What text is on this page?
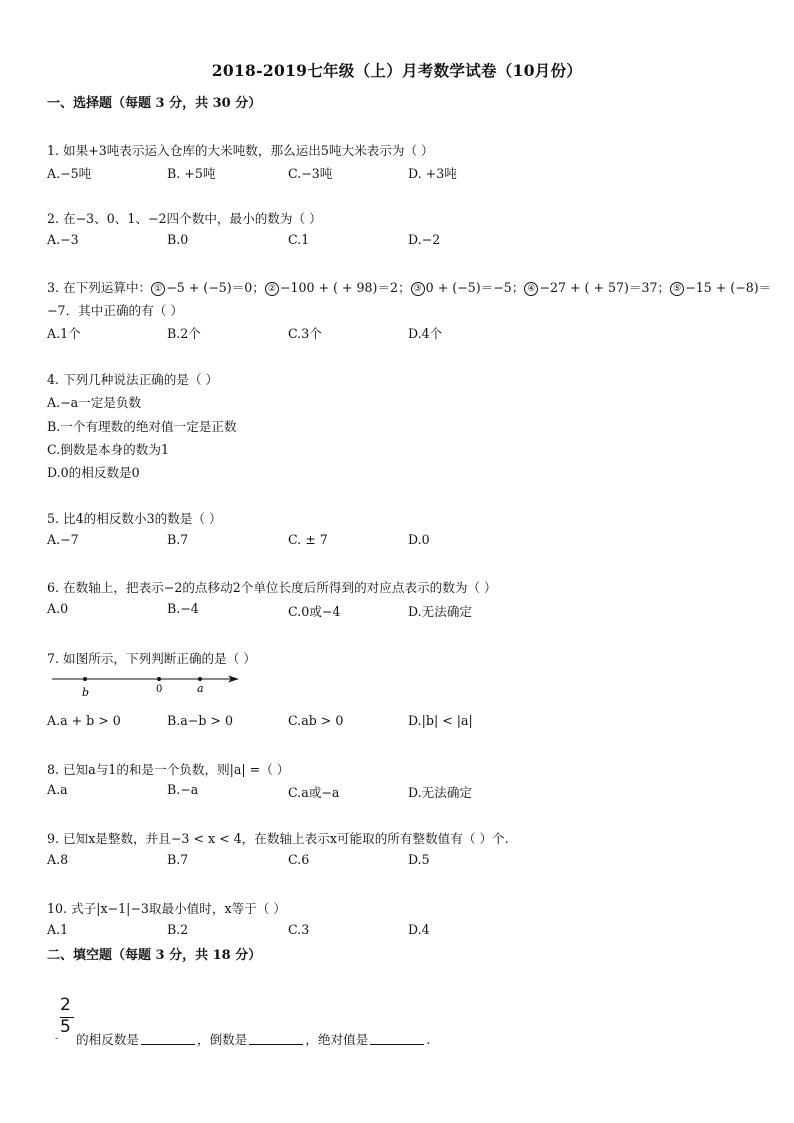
2018-2019七年级（上）月考数学试卷（10月份）
一、选择题（每题 3 分，共 30 分）
1. 如果+3吨表示运入仓库的大米吨数，那么运出5吨大米表示为（ ）
A.−5吨	B. +5吨	C.−3吨	D. +3吨
2. 在−3、0、1、−2四个数中，最小的数为（ ）
A.−3	B.0	C.1	D.−2
3. 在下列运算中： ① −5 + (−5)＝0； ② −100 + ( + 98)＝2； ③ 0 + (−5)＝−5； ④ −27 + ( + 57)＝37； ⑤ −15 + (−8)＝
−7．其中正确的有（ ）
A.1个	B.2个	C.3个	D.4个
4. 下列几种说法正确的是（ ）
A.−a一定是负数
B.一个有理数的绝对值一定是正数
C.倒数是本身的数为1
D.0的相反数是0
5. 比4的相反数小3的数是（ ）
A.−7	B.7	C. ± 7	D.0
6. 在数轴上，把表示−2的点移动2个单位长度后所得到的对应点表示的数为（ ）
A.0	B.−4	C.0或−4	D.无法确定
7. 如图所示，下列判断正确的是（ ）
b	0	a
A.a + b > 0	B.a−b > 0	C.ab > 0	D.|b| < |a|
8. 已知a与1的和是一个负数，则|a| =（ ）
A.a	B.−a	C.a或−a	D.无法确定
9. 已知x是整数，并且−3 < x < 4，在数轴上表示x可能取的所有整数值有（ ）个.
A.8	B.7	C.6	D.5
10. 式子|x−1|−3取最小值时，x等于（ ）
A.1	B.2	C.3	D.4
二、填空题（每题 3 分，共 18 分）
2
5
- 的相反数是	，倒数是	，绝对值是	.
